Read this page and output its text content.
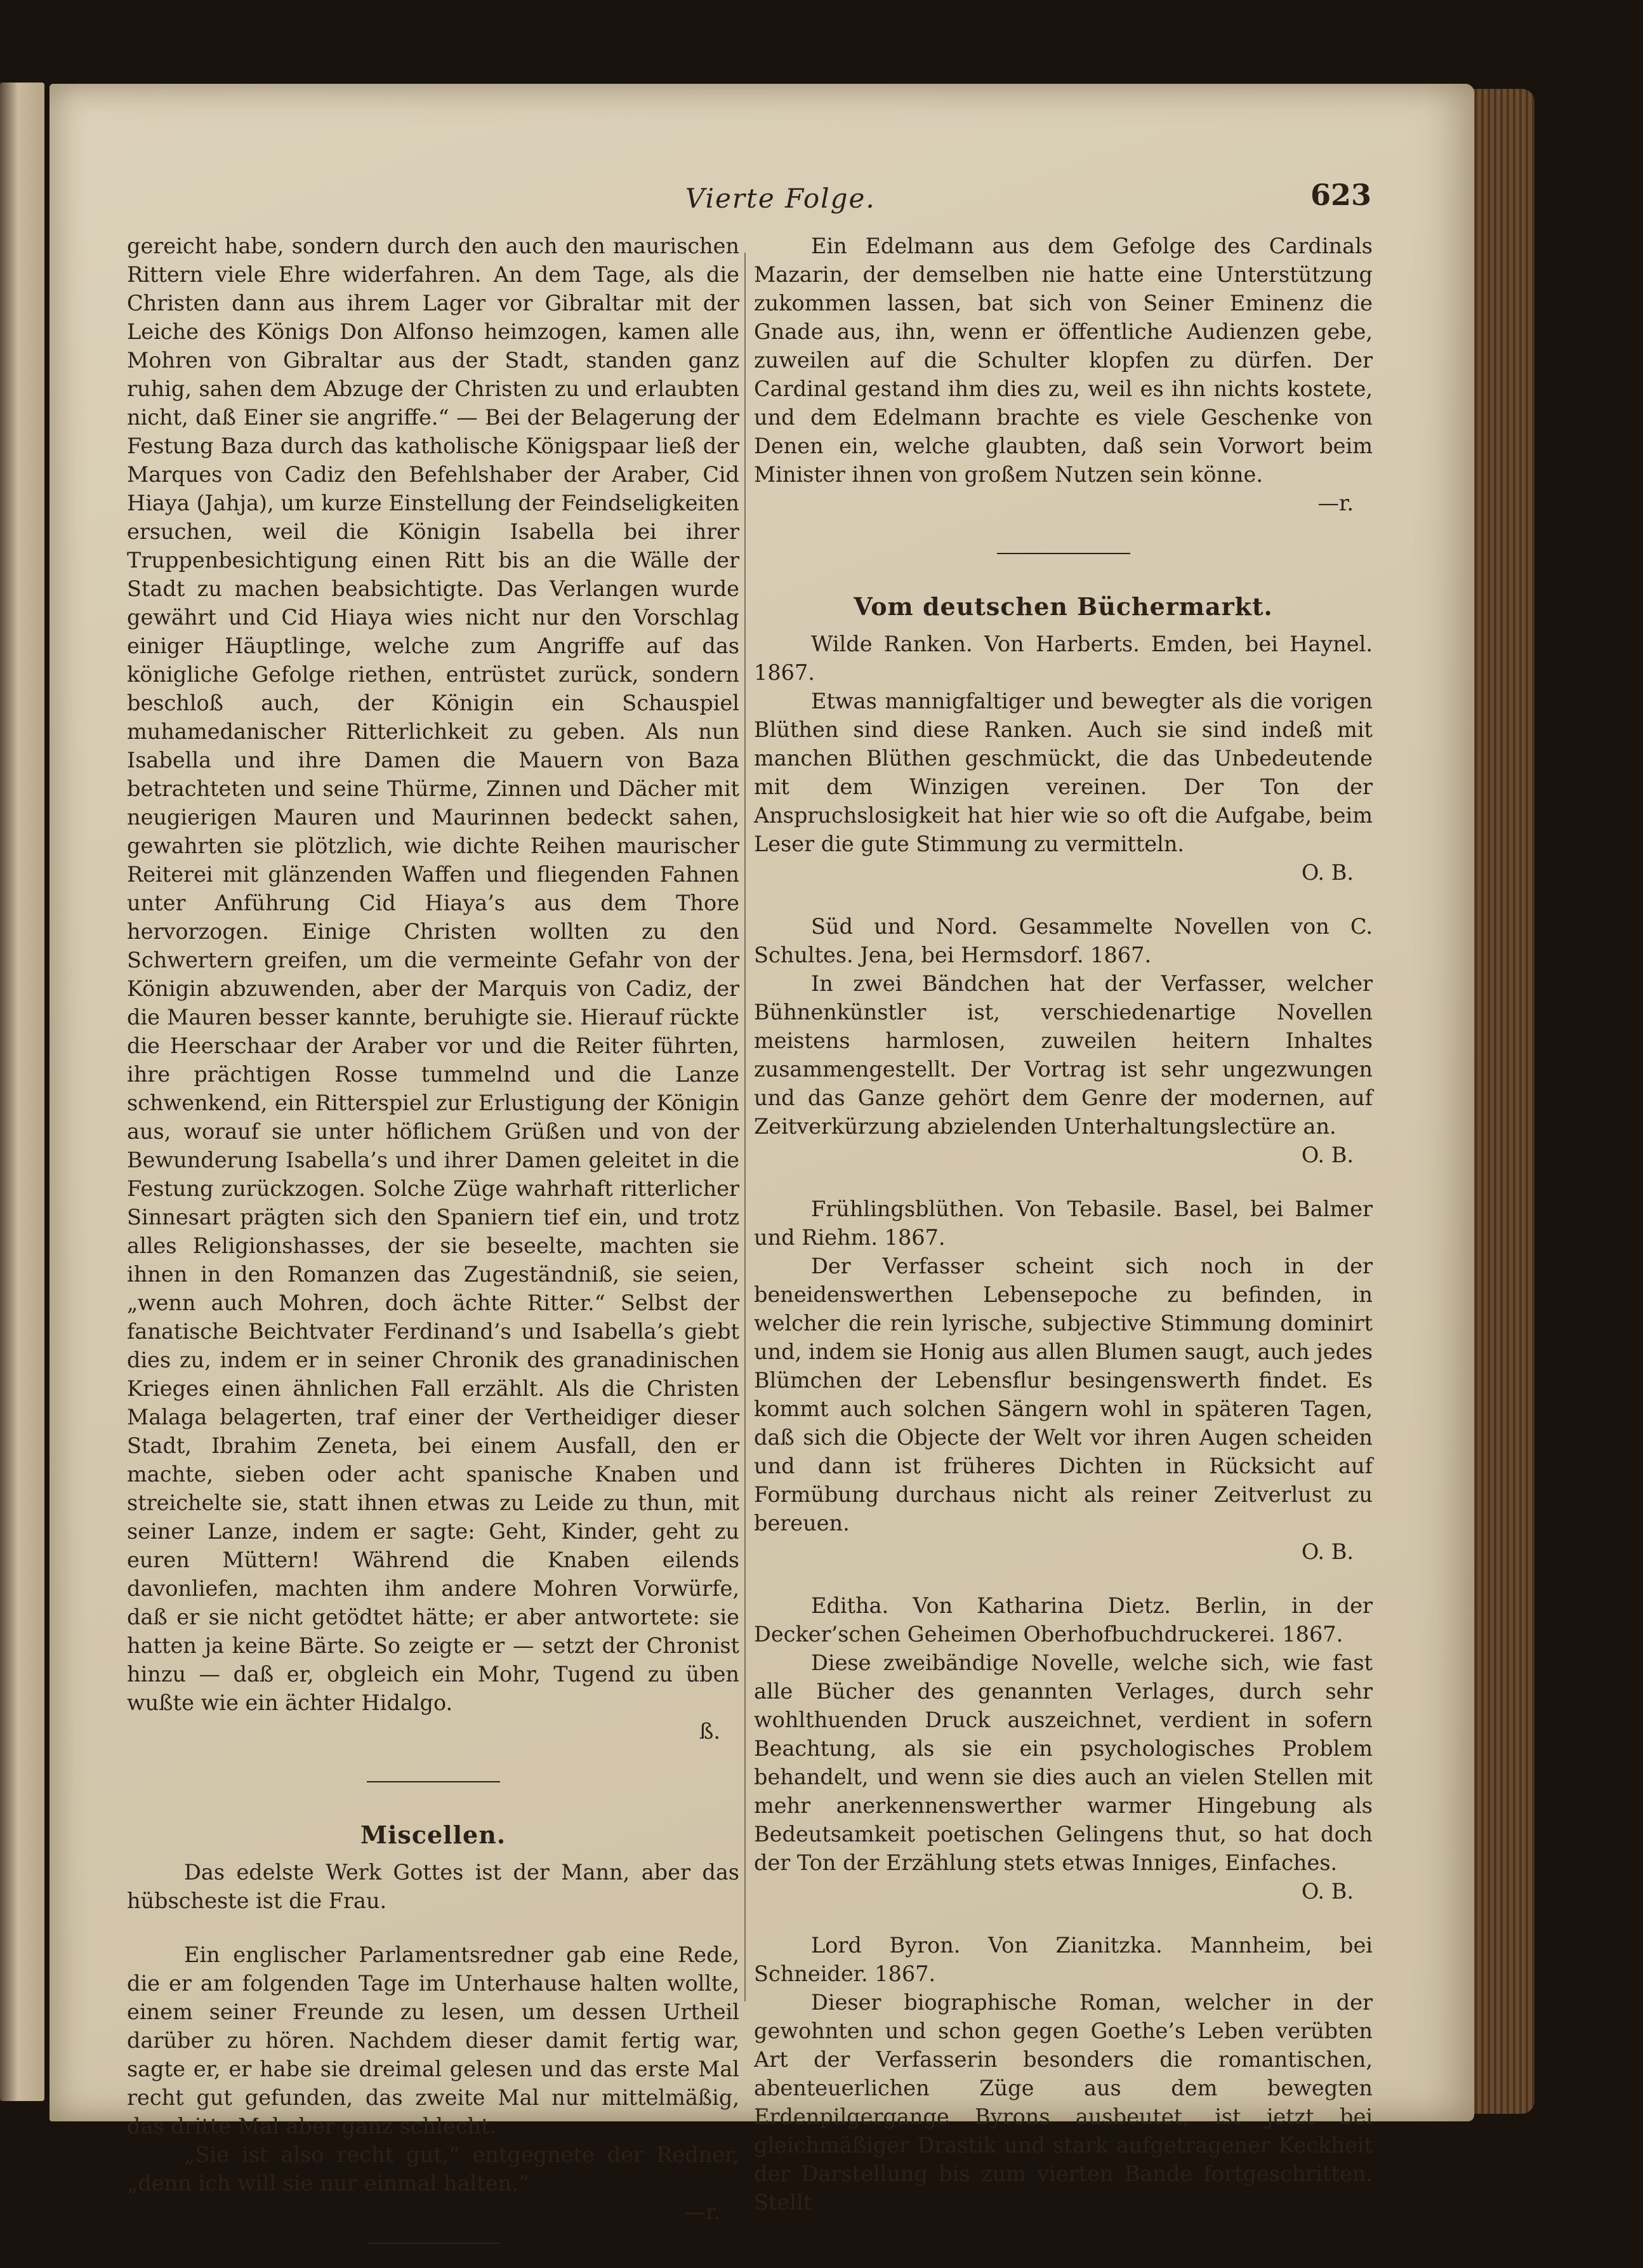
Vierte Folge.	623

gereicht habe, sondern durch den auch den maurischen Rittern viele Ehre widerfahren. An dem Tage, als die Christen dann aus ihrem Lager vor Gibraltar mit der Leiche des Königs Don Alfonso heimzogen, kamen alle Mohren von Gibraltar aus der Stadt, standen ganz ruhig, sahen dem Abzuge der Christen zu und erlaubten nicht, daß Einer sie angriffe.“ — Bei der Belagerung der Festung Baza durch das katholische Königspaar ließ der Marques von Cadiz den Befehlshaber der Araber, Cid Hiaya (Jahja), um kurze Einstellung der Feindseligkeiten ersuchen, weil die Königin Isabella bei ihrer Truppenbesichtigung einen Ritt bis an die Wälle der Stadt zu machen beabsichtigte. Das Verlangen wurde gewährt und Cid Hiaya wies nicht nur den Vorschlag einiger Häuptlinge, welche zum Angriffe auf das königliche Gefolge riethen, entrüstet zurück, sondern beschloß auch, der Königin ein Schauspiel muhamedanischer Ritterlichkeit zu geben. Als nun Isabella und ihre Damen die Mauern von Baza betrachteten und seine Thürme, Zinnen und Dächer mit neugierigen Mauren und Maurinnen bedeckt sahen, gewahrten sie plötzlich, wie dichte Reihen maurischer Reiterei mit glänzenden Waffen und fliegenden Fahnen unter Anführung Cid Hiaya’s aus dem Thore hervorzogen. Einige Christen wollten zu den Schwertern greifen, um die vermeinte Gefahr von der Königin abzuwenden, aber der Marquis von Cadiz, der die Mauren besser kannte, beruhigte sie. Hierauf rückte die Heerschaar der Araber vor und die Reiter führten, ihre prächtigen Rosse tummelnd und die Lanze schwenkend, ein Ritterspiel zur Erlustigung der Königin aus, worauf sie unter höflichem Grüßen und von der Bewunderung Isabella’s und ihrer Damen geleitet in die Festung zurückzogen. Solche Züge wahrhaft ritterlicher Sinnesart prägten sich den Spaniern tief ein, und trotz alles Religionshasses, der sie beseelte, machten sie ihnen in den Romanzen das Zugeständniß, sie seien, „wenn auch Mohren, doch ächte Ritter.“ Selbst der fanatische Beichtvater Ferdinand’s und Isabella’s giebt dies zu, indem er in seiner Chronik des granadinischen Krieges einen ähnlichen Fall erzählt. Als die Christen Malaga belagerten, traf einer der Vertheidiger dieser Stadt, Ibrahim Zeneta, bei einem Ausfall, den er machte, sieben oder acht spanische Knaben und streichelte sie, statt ihnen etwas zu Leide zu thun, mit seiner Lanze, indem er sagte: Geht, Kinder, geht zu euren Müttern! Während die Knaben eilends davonliefen, machten ihm andere Mohren Vorwürfe, daß er sie nicht getödtet hätte; er aber antwortete: sie hatten ja keine Bärte. So zeigte er — setzt der Chronist hinzu — daß er, obgleich ein Mohr, Tugend zu üben wußte wie ein ächter Hidalgo.

ß.

Miscellen.

Das edelste Werk Gottes ist der Mann, aber das hübscheste ist die Frau.

Ein englischer Parlamentsredner gab eine Rede, die er am folgenden Tage im Unterhause halten wollte, einem seiner Freunde zu lesen, um dessen Urtheil darüber zu hören. Nachdem dieser damit fertig war, sagte er, er habe sie dreimal gelesen und das erste Mal recht gut gefunden, das zweite Mal nur mittelmäßig, das dritte Mal aber ganz schlecht.

„Sie ist also recht gut,“ entgegnete der Redner, „denn ich will sie nur einmal halten.“

—r.

Ein Edelmann aus dem Gefolge des Cardinals Mazarin, der demselben nie hatte eine Unterstützung zukommen lassen, bat sich von Seiner Eminenz die Gnade aus, ihn, wenn er öffentliche Audienzen gebe, zuweilen auf die Schulter klopfen zu dürfen. Der Cardinal gestand ihm dies zu, weil es ihn nichts kostete, und dem Edelmann brachte es viele Geschenke von Denen ein, welche glaubten, daß sein Vorwort beim Minister ihnen von großem Nutzen sein könne.

—r.

Vom deutschen Büchermarkt.

Wilde Ranken. Von Harberts. Emden, bei Haynel. 1867.

Etwas mannigfaltiger und bewegter als die vorigen Blüthen sind diese Ranken. Auch sie sind indeß mit manchen Blüthen geschmückt, die das Unbedeutende mit dem Winzigen vereinen. Der Ton der Anspruchslosigkeit hat hier wie so oft die Aufgabe, beim Leser die gute Stimmung zu vermitteln.

O. B.

Süd und Nord. Gesammelte Novellen von C. Schultes. Jena, bei Hermsdorf. 1867.

In zwei Bändchen hat der Verfasser, welcher Bühnenkünstler ist, verschiedenartige Novellen meistens harmlosen, zuweilen heitern Inhaltes zusammengestellt. Der Vortrag ist sehr ungezwungen und das Ganze gehört dem Genre der modernen, auf Zeitverkürzung abzielenden Unterhaltungslectüre an.

O. B.

Frühlingsblüthen. Von Tebasile. Basel, bei Balmer und Riehm. 1867.

Der Verfasser scheint sich noch in der beneidenswerthen Lebensepoche zu befinden, in welcher die rein lyrische, subjective Stimmung dominirt und, indem sie Honig aus allen Blumen saugt, auch jedes Blümchen der Lebensflur besingenswerth findet. Es kommt auch solchen Sängern wohl in späteren Tagen, daß sich die Objecte der Welt vor ihren Augen scheiden und dann ist früheres Dichten in Rücksicht auf Formübung durchaus nicht als reiner Zeitverlust zu bereuen.

O. B.

Editha. Von Katharina Dietz. Berlin, in der Decker’schen Geheimen Oberhofbuchdruckerei. 1867.

Diese zweibändige Novelle, welche sich, wie fast alle Bücher des genannten Verlages, durch sehr wohlthuenden Druck auszeichnet, verdient in sofern Beachtung, als sie ein psychologisches Problem behandelt, und wenn sie dies auch an vielen Stellen mit mehr anerkennenswerther warmer Hingebung als Bedeutsamkeit poetischen Gelingens thut, so hat doch der Ton der Erzählung stets etwas Inniges, Einfaches.

O. B.

Lord Byron. Von Zianitzka. Mannheim, bei Schneider. 1867.

Dieser biographische Roman, welcher in der gewohnten und schon gegen Goethe’s Leben verübten Art der Verfasserin besonders die romantischen, abenteuerlichen Züge aus dem bewegten Erdenpilgergange Byrons ausbeutet, ist jetzt bei gleichmäßiger Drastik und stark aufgetragener Keckheit der Darstellung bis zum vierten Bande fortgeschritten. Stellt
